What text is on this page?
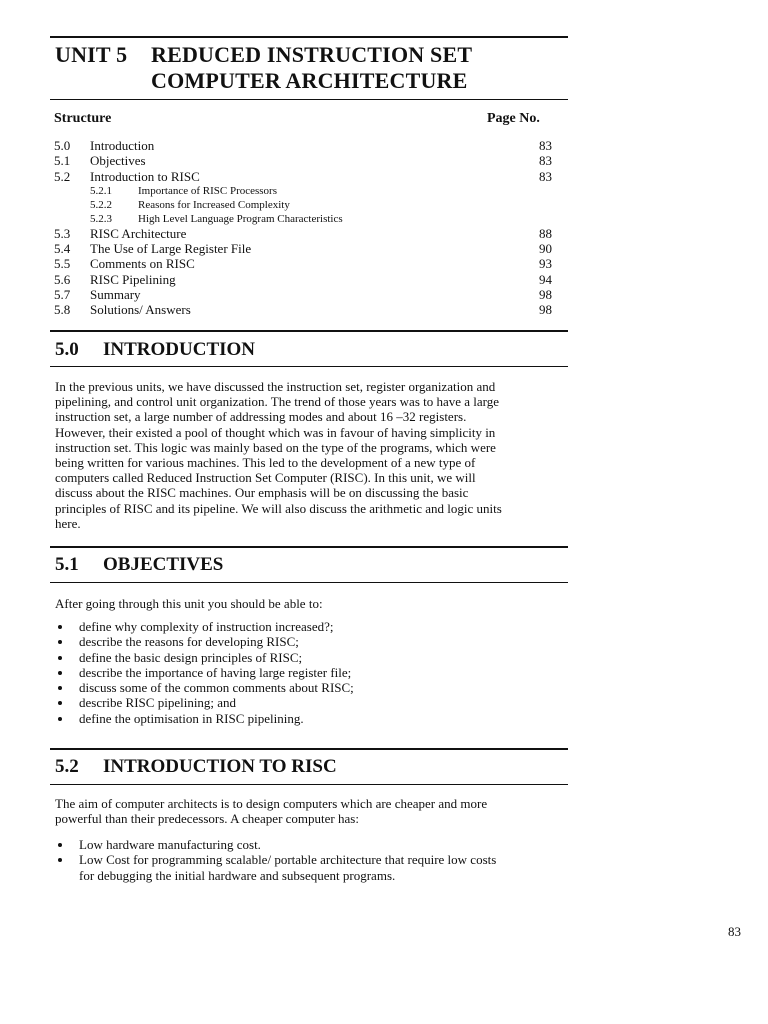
UNIT 5 REDUCED INSTRUCTION SET
COMPUTER ARCHITECTURE
Structure	Page No.
5.0 Introduction	83
5.1 Objectives	83
5.2 Introduction to RISC	83
5.2.1 Importance of RISC Processors
5.2.2 Reasons for Increased Complexity
5.2.3 High Level Language Program Characteristics
5.3 RISC Architecture	88
5.4 The Use of Large Register File	90
5.5 Comments on RISC	93
5.6 RISC Pipelining	94
5.7 Summary	98
5.8 Solutions/ Answers	98
5.0 INTRODUCTION

In the previous units, we have discussed the instruction set, register organization and
pipelining, and control unit organization. The trend of those years was to have a large
instruction set, a large number of addressing modes and about 16 –32 registers.
However, their existed a pool of thought which was in favour of having simplicity in
instruction set. This logic was mainly based on the type of the programs, which were
being written for various machines. This led to the development of a new type of
computers called Reduced Instruction Set Computer (RISC). In this unit, we will
discuss about the RISC machines. Our emphasis will be on discussing the basic
principles of RISC and its pipeline. We will also discuss the arithmetic and logic units
here.

5.1 OBJECTIVES

After going through this unit you should be able to:

define why complexity of instruction increased?;
describe the reasons for developing RISC;
define the basic design principles of RISC;
describe the importance of having large register file;
discuss some of the common comments about RISC;
describe RISC pipelining; and
define the optimisation in RISC pipelining.
5.2 INTRODUCTION TO RISC

The aim of computer architects is to design computers which are cheaper and more
powerful than their predecessors. A cheaper computer has:

Low hardware manufacturing cost.
Low Cost for programming scalable/ portable architecture that require low costs
for debugging the initial hardware and subsequent programs.
83
